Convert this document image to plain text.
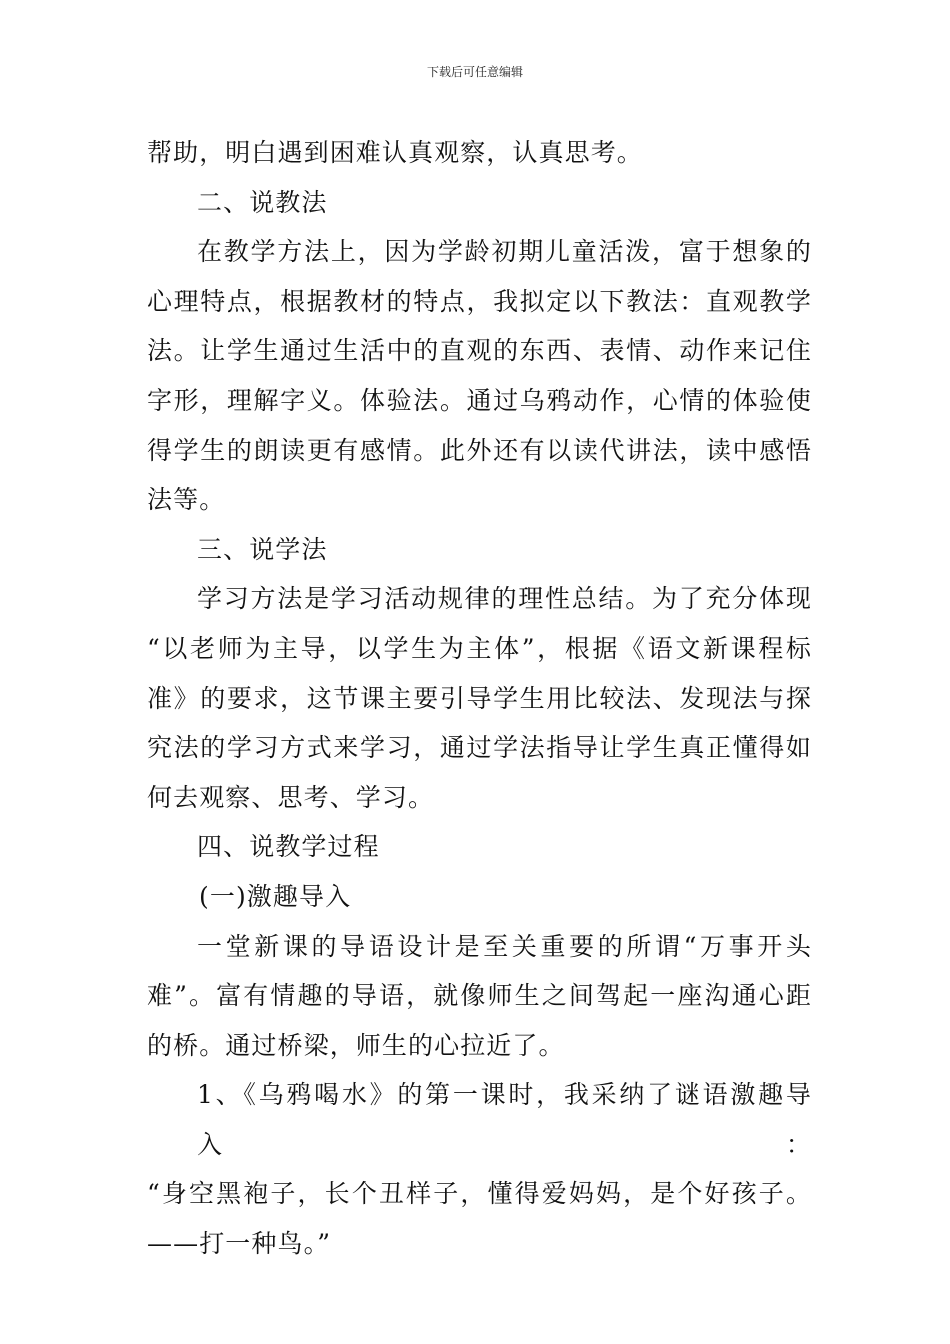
下载后可任意编辑

帮助，明白遇到困难认真观察，认真思考。

二、说教法

在教学方法上，因为学龄初期儿童活泼，富于想象的

心理特点，根据教材的特点，我拟定以下教法：直观教学

法。让学生通过生活中的直观的东西、表情、动作来记住

字形，理解字义。体验法。通过乌鸦动作，心情的体验使

得学生的朗读更有感情。此外还有以读代讲法，读中感悟

法等。

三、说学法

学习方法是学习活动规律的理性总结。为了充分体现

“以老师为主导，以学生为主体”，根据《语文新课程标

准》的要求，这节课主要引导学生用比较法、发现法与探

究法的学习方式来学习，通过学法指导让学生真正懂得如

何去观察、思考、学习。

四、说教学过程

(一)激趣导入

一堂新课的导语设计是至关重要的所谓“万事开头

难”。富有情趣的导语，就像师生之间驾起一座沟通心距

的桥。通过桥梁，师生的心拉近了。

1、《乌鸦喝水》的第一课时，我采纳了谜语激趣导入：

“身空黑袍子，长个丑样子，懂得爱妈妈，是个好孩子。

——打一种鸟。”
